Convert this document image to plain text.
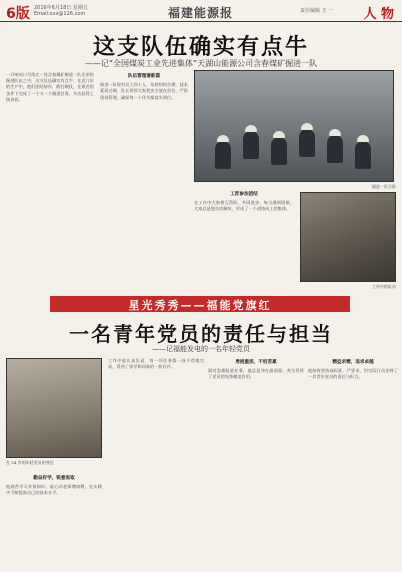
6版 2016年6月18日 星期五
Email:xxx@126.com	福建能源报	责任编辑 王 一 人 物
这支队伍确实有点牛
——记“全国煤炭工业先进集体”天湖山能源公司含春煤矿掘进一队
一只响亮口号落在一处含春煤矿掘进一队光荣的掘进队伍之中，这支队伍确实有点牛。在近几年的生产中，他们团结协作，敢打硬仗，在艰苦的条件下完成了一个又一个掘进任务，多次获得上级表彰。
队伍管理谱新篇
掘进一队现有员工四十人，年龄结构合理，技术素质过硬。队长带领大家把安全放在首位，严抓现场管理，确保每一个环节都落实到位。
掘进一队合影
工匠参加团结
在工作中大家相互帮助，共同进步，每当遇到困难，大家总是想办法解决，形成了一个团结向上的集体。
工作中的队员
星光秀秀——福能党旗红
一名青年党员的责任与担当
——记福能发电的一名年轻党员
在 34 岁的年轻党员的身边
勤奋好学，锐意进取
他刻苦学习业务知识，虚心向老师傅请教，在实践中不断提高自己的技术水平。
工作中他认真负责，每一项任务都一丝不苟地完成，得到了领导和同事的一致好评。
勇挑重担，不怕苦累
面对急难险重任务，他总是冲在最前面，充分发挥了党员的先锋模范作用。
精益求精，追求卓越
他始终坚持高标准、严要求，用实际行动诠释了一名青年党员的责任与担当。
